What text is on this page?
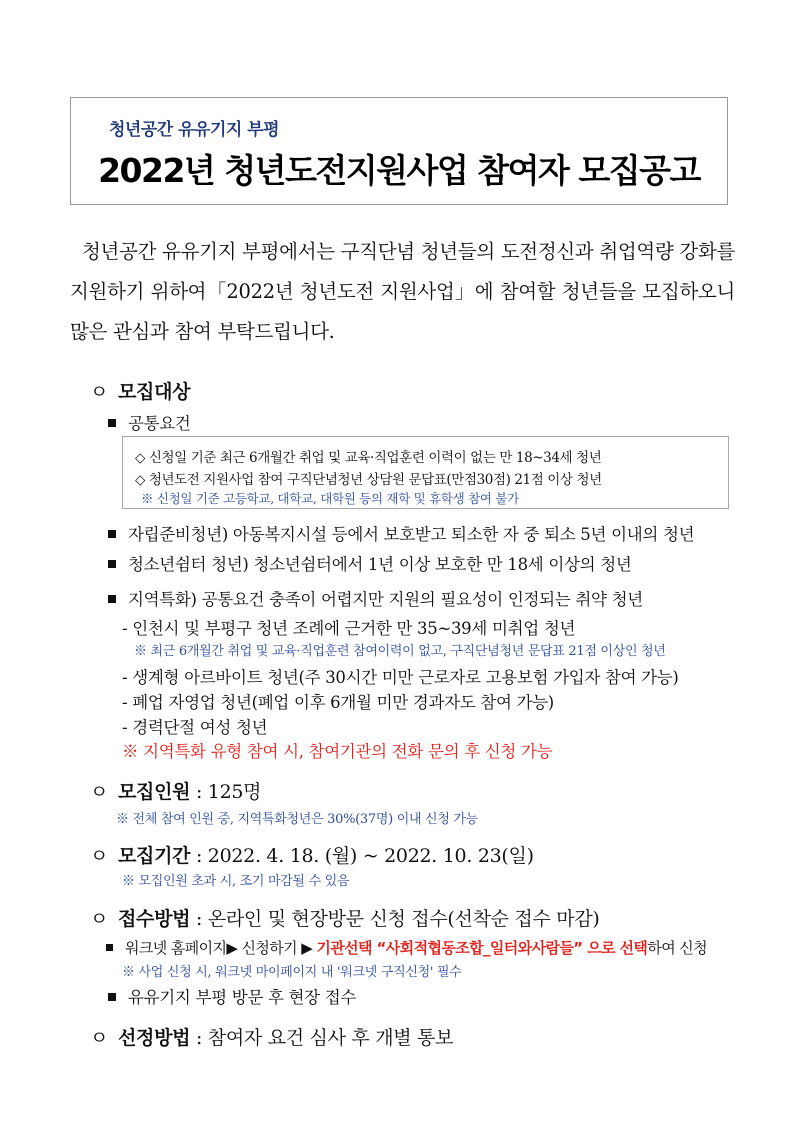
청년공간 유유기지 부평
2022년 청년도전지원사업 참여자 모집공고
청년공간 유유기지 부평에서는 구직단념 청년들의 도전정신과 취업역량 강화를 지원하기 위하여「2022년 청년도전 지원사업」에 참여할 청년들을 모집하오니 많은 관심과 참여 부탁드립니다.
ㅇ 모집대상
공통요건
◇ 신청일 기준 최근 6개월간 취업 및 교육·직업훈련 이력이 없는 만 18~34세 청년
◇ 청년도전 지원사업 참여 구직단념청년 상담원 문답표(만점30점) 21점 이상 청년
※ 신청일 기준 고등학교, 대학교, 대학원 등의 재학 및 휴학생 참여 불가
자립준비청년) 아동복지시설 등에서 보호받고 퇴소한 자 중 퇴소 5년 이내의 청년
청소년쉼터 청년) 청소년쉼터에서 1년 이상 보호한 만 18세 이상의 청년
지역특화) 공통요건 충족이 어렵지만 지원의 필요성이 인정되는 취약 청년
- 인천시 및 부평구 청년 조례에 근거한 만 35~39세 미취업 청년
※ 최근 6개월간 취업 및 교육·직업훈련 참여이력이 없고, 구직단념청년 문답표 21점 이상인 청년
- 생계형 아르바이트 청년(주 30시간 미만 근로자로 고용보험 가입자 참여 가능)
- 폐업 자영업 청년(폐업 이후 6개월 미만 경과자도 참여 가능)
- 경력단절 여성 청년
※ 지역특화 유형 참여 시, 참여기관의 전화 문의 후 신청 가능
ㅇ 모집인원 : 125명
※ 전체 참여 인원 중, 지역특화청년은 30%(37명) 이내 신청 가능
ㅇ 모집기간 : 2022. 4. 18. (월) ~ 2022. 10. 23(일)
※ 모집인원 초과 시, 조기 마감될 수 있음
ㅇ 접수방법 : 온라인 및 현장방문 신청 접수(선착순 접수 마감)
워크넷 홈페이지▶ 신청하기 ▶ 기관선택 “사회적협동조합_일터와사람들” 으로 선택하여 신청
※ 사업 신청 시, 워크넷 마이페이지 내 '워크넷 구직신청' 필수
유유기지 부평 방문 후 현장 접수
ㅇ 선정방법 : 참여자 요건 심사 후 개별 통보
